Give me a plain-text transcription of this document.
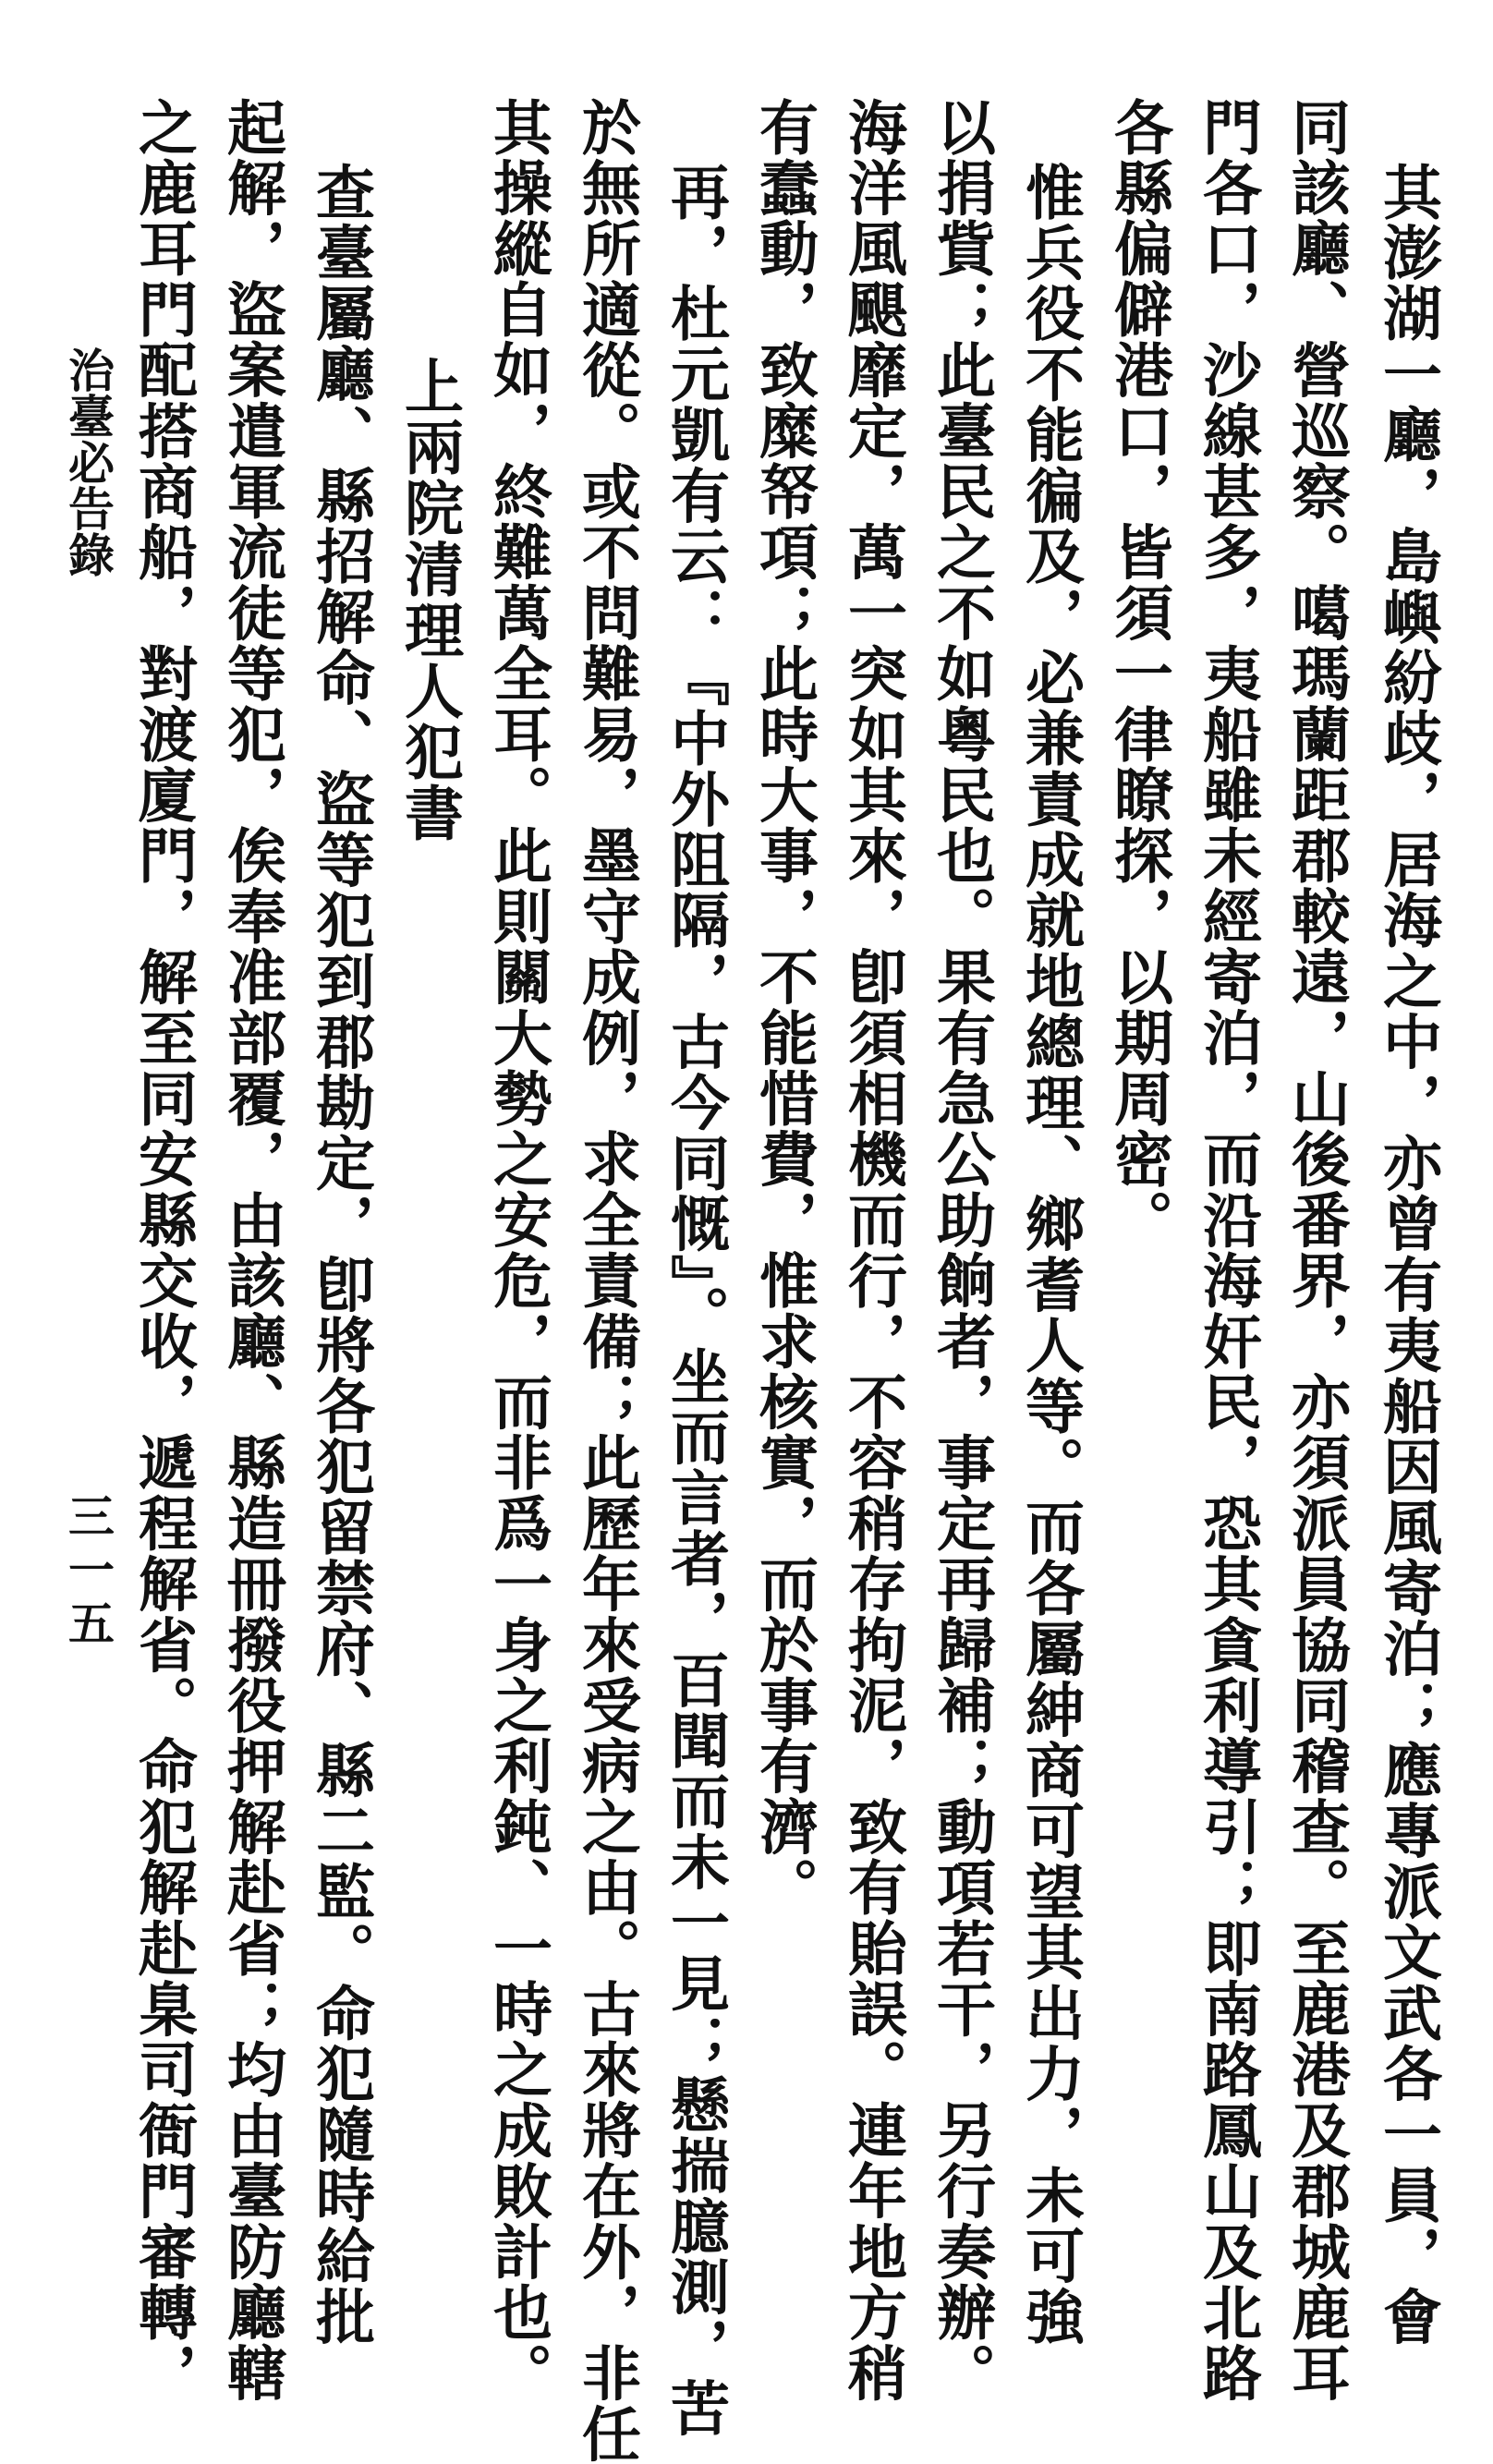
其澎湖一廳，島嶼紛歧，居海之中，亦曾有夷船因風寄泊；應專派文武各一員，會
同該廳、營巡察。噶瑪蘭距郡較遠，山後番界，亦須派員協同稽查。至鹿港及郡城鹿耳
門各口，沙線甚多，夷船雖未經寄泊，而沿海奸民，恐其貪利導引；即南路鳳山及北路
各縣偏僻港口，皆須一律瞭探，以期周密。
惟兵役不能徧及，必兼責成就地總理、鄉耆人等。而各屬紳商可望其出力，未可強
以捐貲；此臺民之不如粵民也。果有急公助餉者，事定再歸補；動項若干，另行奏辦。
海洋風颶靡定，萬一突如其來，卽須相機而行，不容稍存拘泥，致有貽誤。連年地方稍
有蠢動，致糜帑項；此時大事，不能惜費，惟求核實，而於事有濟。
再，杜元凱有云：『中外阻隔，古今同慨』。坐而言者，百聞而未一見；懸揣臆測，苦
於無所適從。或不問難易，墨守成例，求全責備；此歷年來受病之由。古來將在外，非任
其操縱自如，終難萬全耳。此則關大勢之安危，而非爲一身之利鈍、一時之成敗計也。
上兩院清理人犯書
查臺屬廳、縣招解命、盜等犯到郡勘定，卽將各犯留禁府、縣二監。命犯隨時給批
起解，盜案遣軍流徒等犯，俟奉准部覆，由該廳、縣造冊撥役押解赴省；均由臺防廳轄
之鹿耳門配搭商船，對渡廈門，解至同安縣交收，遞程解省。命犯解赴臬司衙門審轉，
治臺必告錄
三一五
